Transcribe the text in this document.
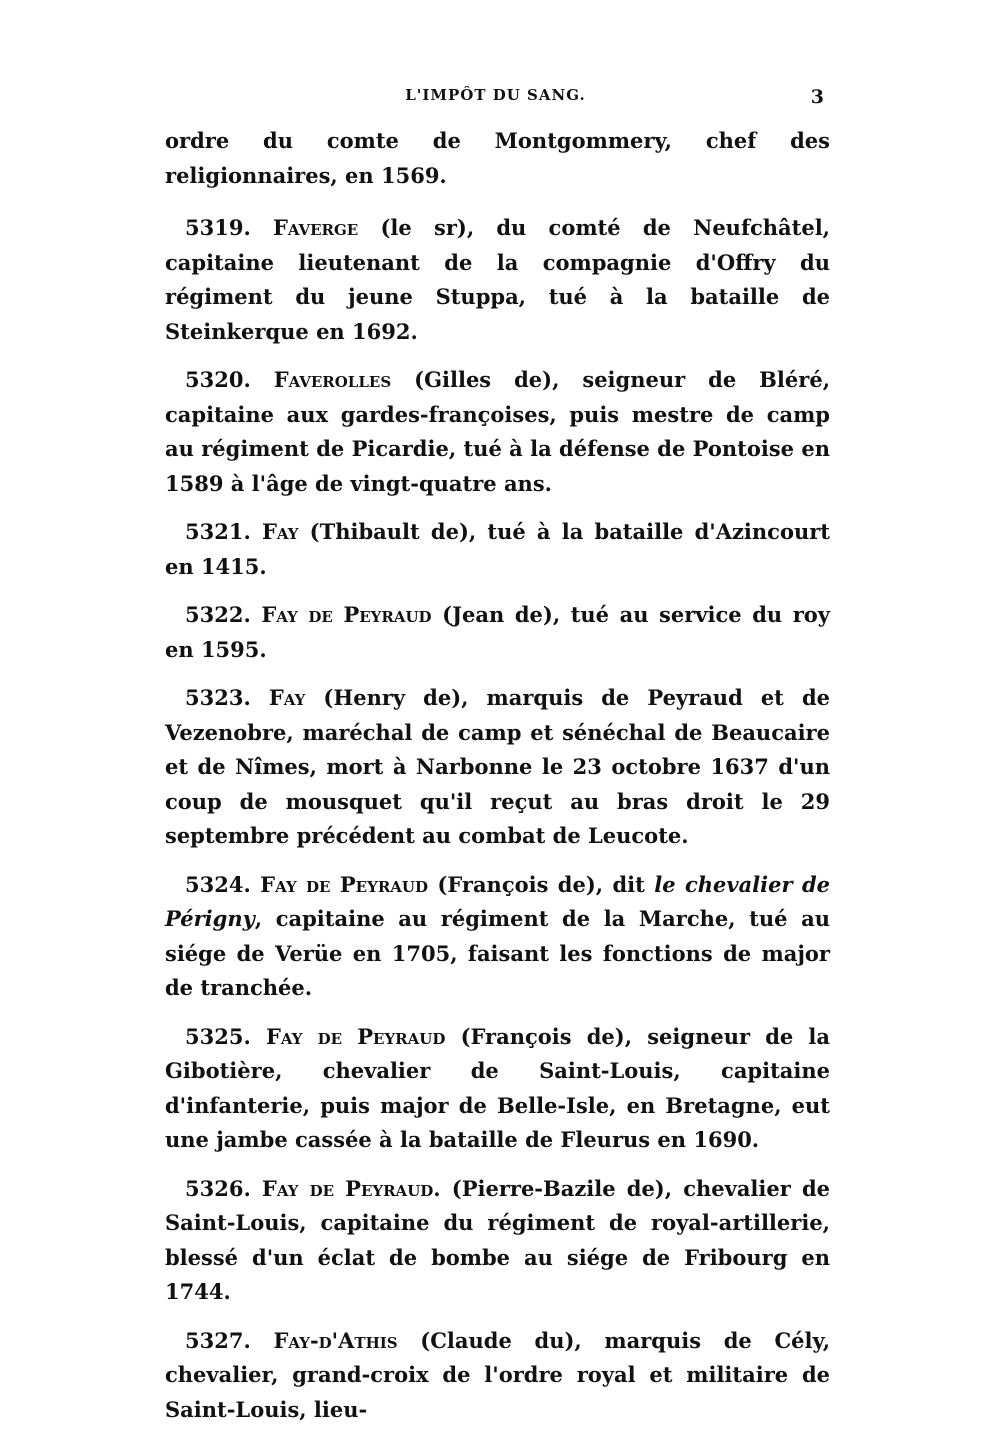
L'IMPÔT DU SANG.	3

ordre du comte de Montgommery, chef des religionnaires, en 1569.

5319. Faverge (le sr), du comté de Neufchâtel, capitaine lieutenant de la compagnie d'Offry du régiment du jeune Stuppa, tué à la bataille de Steinkerque en 1692.

5320. Faverolles (Gilles de), seigneur de Bléré, capitaine aux gardes-françoises, puis mestre de camp au régiment de Picardie, tué à la défense de Pontoise en 1589 à l'âge de vingt-quatre ans.

5321. Fay (Thibault de), tué à la bataille d'Azincourt en 1415.

5322. Fay de Peyraud (Jean de), tué au service du roy en 1595.

5323. Fay (Henry de), marquis de Peyraud et de Vezenobre, maréchal de camp et sénéchal de Beaucaire et de Nîmes, mort à Narbonne le 23 octobre 1637 d'un coup de mousquet qu'il reçut au bras droit le 29 septembre précédent au combat de Leucote.

5324. Fay de Peyraud (François de), dit le chevalier de Périgny, capitaine au régiment de la Marche, tué au siége de Verüe en 1705, faisant les fonctions de major de tranchée.

5325. Fay de Peyraud (François de), seigneur de la Gibotière, chevalier de Saint-Louis, capitaine d'infanterie, puis major de Belle-Isle, en Bretagne, eut une jambe cassée à la bataille de Fleurus en 1690.

5326. Fay de Peyraud. (Pierre-Bazile de), chevalier de Saint-Louis, capitaine du régiment de royal-artillerie, blessé d'un éclat de bombe au siége de Fribourg en 1744.

5327. Fay-d'Athis (Claude du), marquis de Cély, chevalier, grand-croix de l'ordre royal et militaire de Saint-Louis, lieu-
